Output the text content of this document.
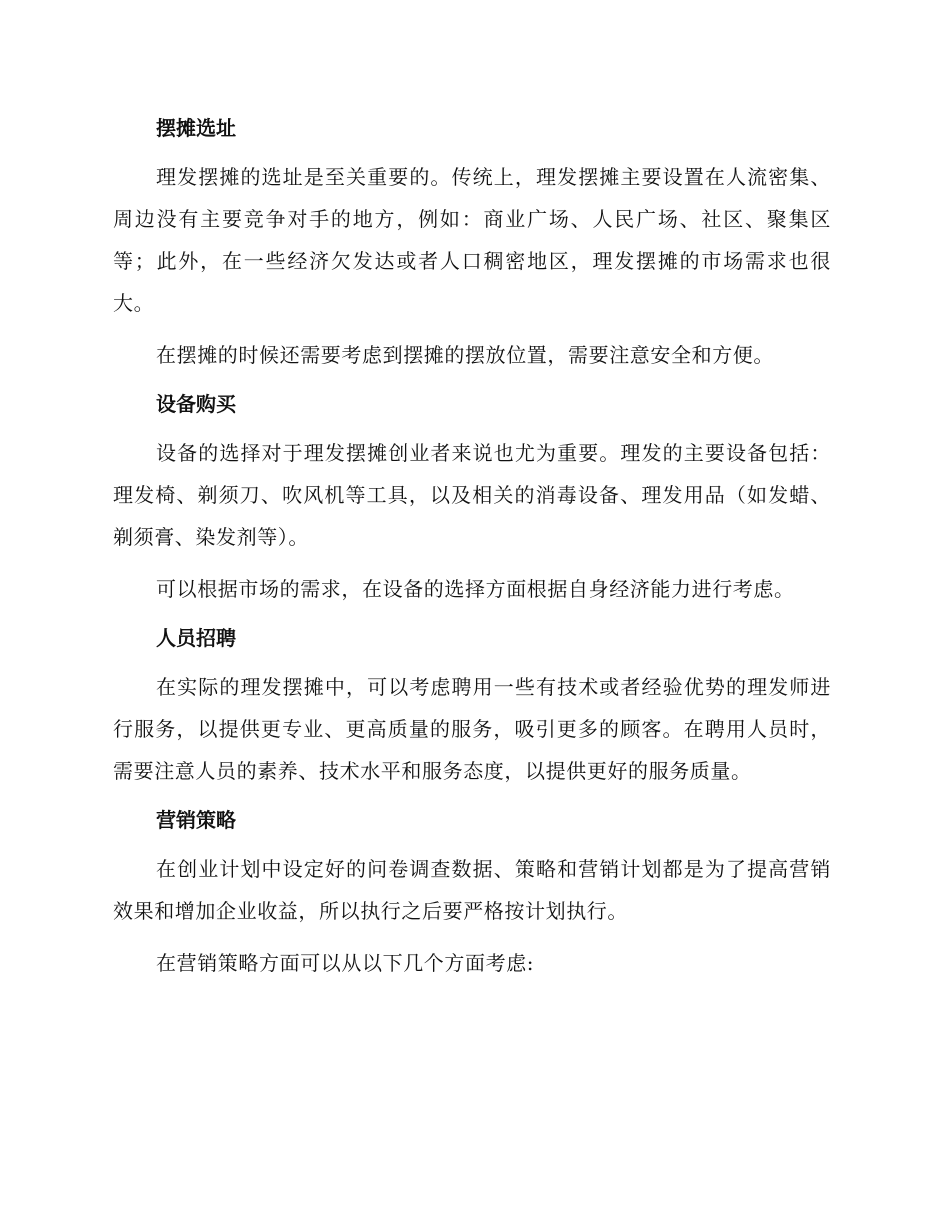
摆摊选址

理发摆摊的选址是至关重要的。传统上，理发摆摊主要设置在人流密集、周边没有主要竞争对手的地方，例如：商业广场、人民广场、社区、聚集区等；此外，在一些经济欠发达或者人口稠密地区，理发摆摊的市场需求也很大。

在摆摊的时候还需要考虑到摆摊的摆放位置，需要注意安全和方便。

设备购买

设备的选择对于理发摆摊创业者来说也尤为重要。理发的主要设备包括：理发椅、剃须刀、吹风机等工具，以及相关的消毒设备、理发用品（如发蜡、剃须膏、染发剂等）。

可以根据市场的需求，在设备的选择方面根据自身经济能力进行考虑。

人员招聘

在实际的理发摆摊中，可以考虑聘用一些有技术或者经验优势的理发师进行服务，以提供更专业、更高质量的服务，吸引更多的顾客。在聘用人员时，需要注意人员的素养、技术水平和服务态度，以提供更好的服务质量。

营销策略

在创业计划中设定好的问卷调查数据、策略和营销计划都是为了提高营销效果和增加企业收益，所以执行之后要严格按计划执行。

在营销策略方面可以从以下几个方面考虑:
